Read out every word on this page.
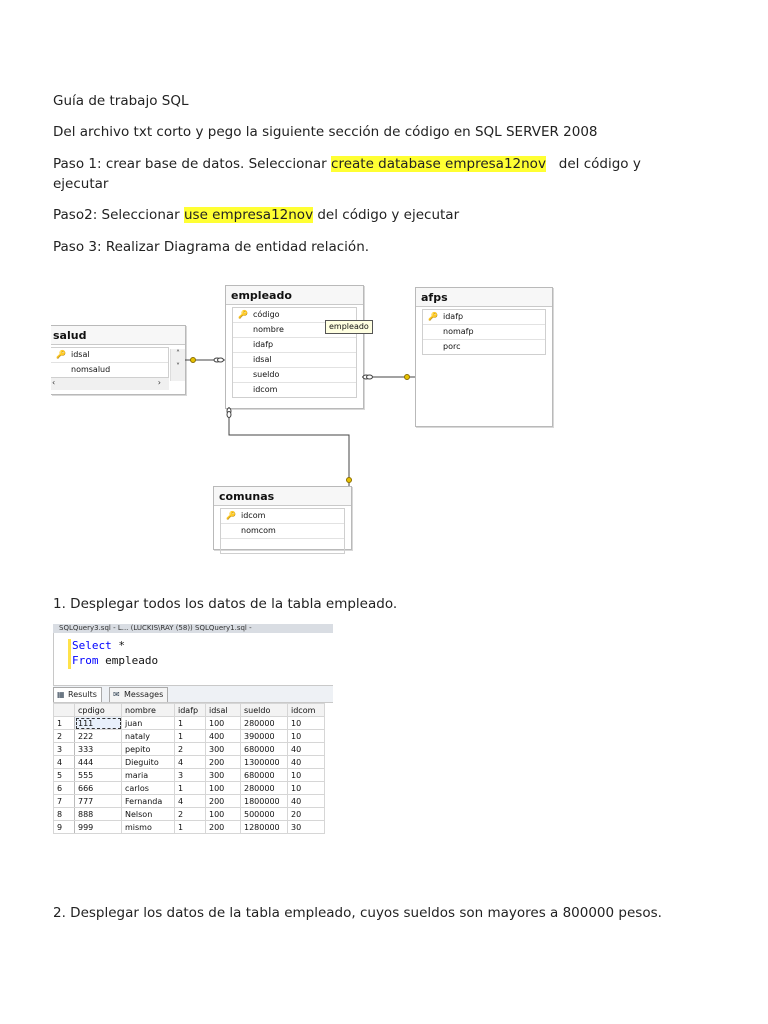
Guía de trabajo SQL
Del archivo txt corto y pego la siguiente sección de código en SQL SERVER 2008
Paso 1: crear base de datos. Seleccionar create database empresa12nov   del código y
ejecutar
Paso2: Seleccionar use empresa12nov del código y ejecutar
Paso 3: Realizar Diagrama de entidad relación.
salud
🔑 idsal
nomsalud
˄
˅
‹	›
empleado
🔑 códigо
nombre
idafp
idsal
sueldo
idcom
empleado
afps
🔑 idafp
nomafp
porc
comunas
🔑 idcom
nomcom
1. Desplegar todos los datos de la tabla empleado.
SQLQuery3.sql - L... (LUCKIS\RAY (58)) SQLQuery1.sql -
Select *
From empleado
▦ Results	✉ Messages
	cpdigo	nombre	idafp	idsal	sueldo	idcom
1	111	juan	1	100	280000	10
2	222	nataly	1	400	390000	10
3	333	pepito	2	300	680000	40
4	444	Dieguito	4	200	1300000	40
5	555	maria	3	300	680000	10
6	666	carlos	1	100	280000	10
7	777	Fernanda	4	200	1800000	40
8	888	Nelson	2	100	500000	20
9	999	mismo	1	200	1280000	30
2. Desplegar los datos de la tabla empleado, cuyos sueldos son mayores a 800000 pesos.
